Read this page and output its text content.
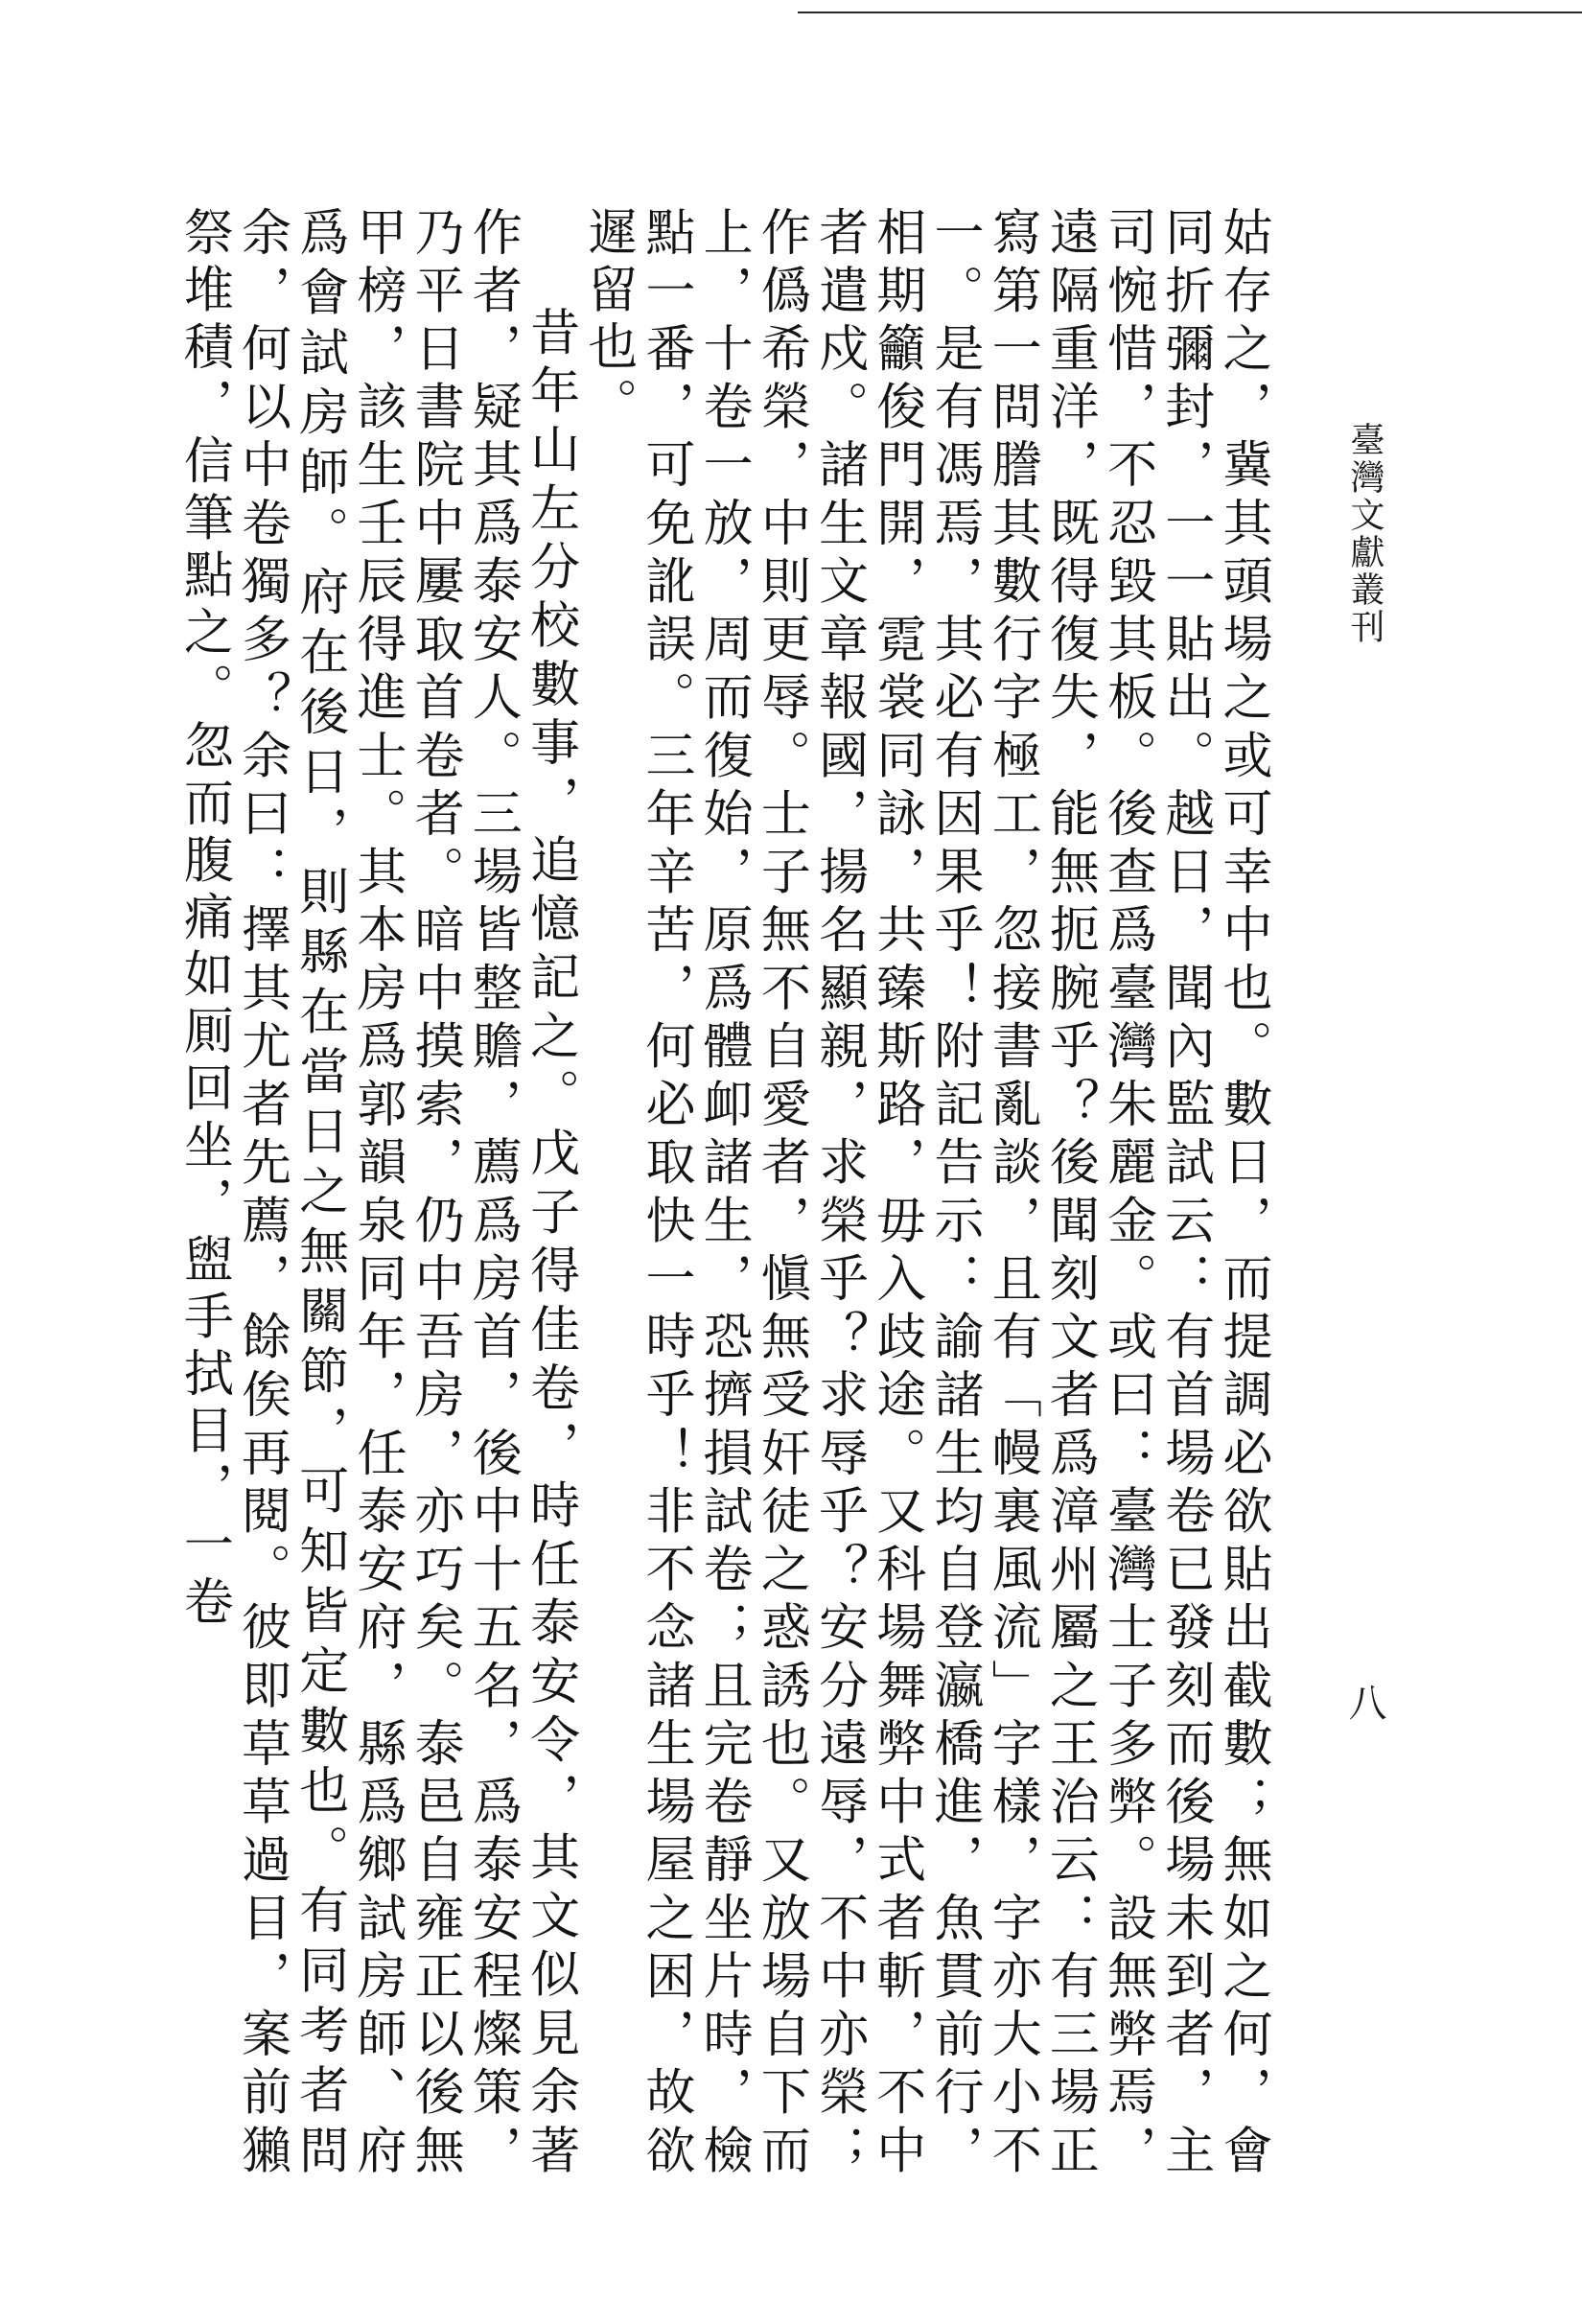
臺灣文獻叢刊
八

姑存之，冀其頭場之或可幸中也。數日，而提調必欲貼出截數；無如之何，會同折彌封，一一貼出。越日，聞內監試云：有首場卷已發刻而後場未到者，主司惋惜，不忍毀其板。後查爲臺灣朱麗金。或曰：臺灣士子多弊。設無弊焉，遠隔重洋，既得復失，能無扼腕乎？後聞刻文者爲漳州屬之王治云：有三場正寫第一問謄其數行字極工，忽接書亂談，且有「幔裏風流」字樣，字亦大小不一。是有馮焉，其必有因果乎！附記告示：諭諸生均自登瀛橋進，魚貫前行，相期籲俊門開，霓裳同詠，共臻斯路，毋入歧途。又科場舞弊中式者斬，不中者遣戍。諸生文章報國，揚名顯親，求榮乎？求辱乎？安分遠辱，不中亦榮；作僞希榮，中則更辱。士子無不自愛者，愼無受奸徒之惑誘也。又放場自下而上，十卷一放，周而復始，原爲體卹諸生，恐擠損試卷；且完卷靜坐片時，檢點一番，可免訛誤。三年辛苦，何必取快一時乎！非不念諸生場屋之困，故欲遲留也。

昔年山左分校數事，追憶記之。戊子得佳卷，時任泰安令，其文似見余著作者，疑其爲泰安人。三場皆整贍，薦爲房首，後中十五名，爲泰安程燦策，乃平日書院中屢取首卷者。暗中摸索，仍中吾房，亦巧矣。泰邑自雍正以後無甲榜，該生壬辰得進士。其本房爲郭韻泉同年，任泰安府，縣爲鄉試房師、府爲會試房師。府在後日，則縣在當日之無關節，可知皆定數也。有同考者問余，何以中卷獨多？余曰：擇其尤者先薦，餘俟再閱。彼即草草過目，案前獺祭堆積，信筆點之。忽而腹痛如厠回坐，盥手拭目，一卷
